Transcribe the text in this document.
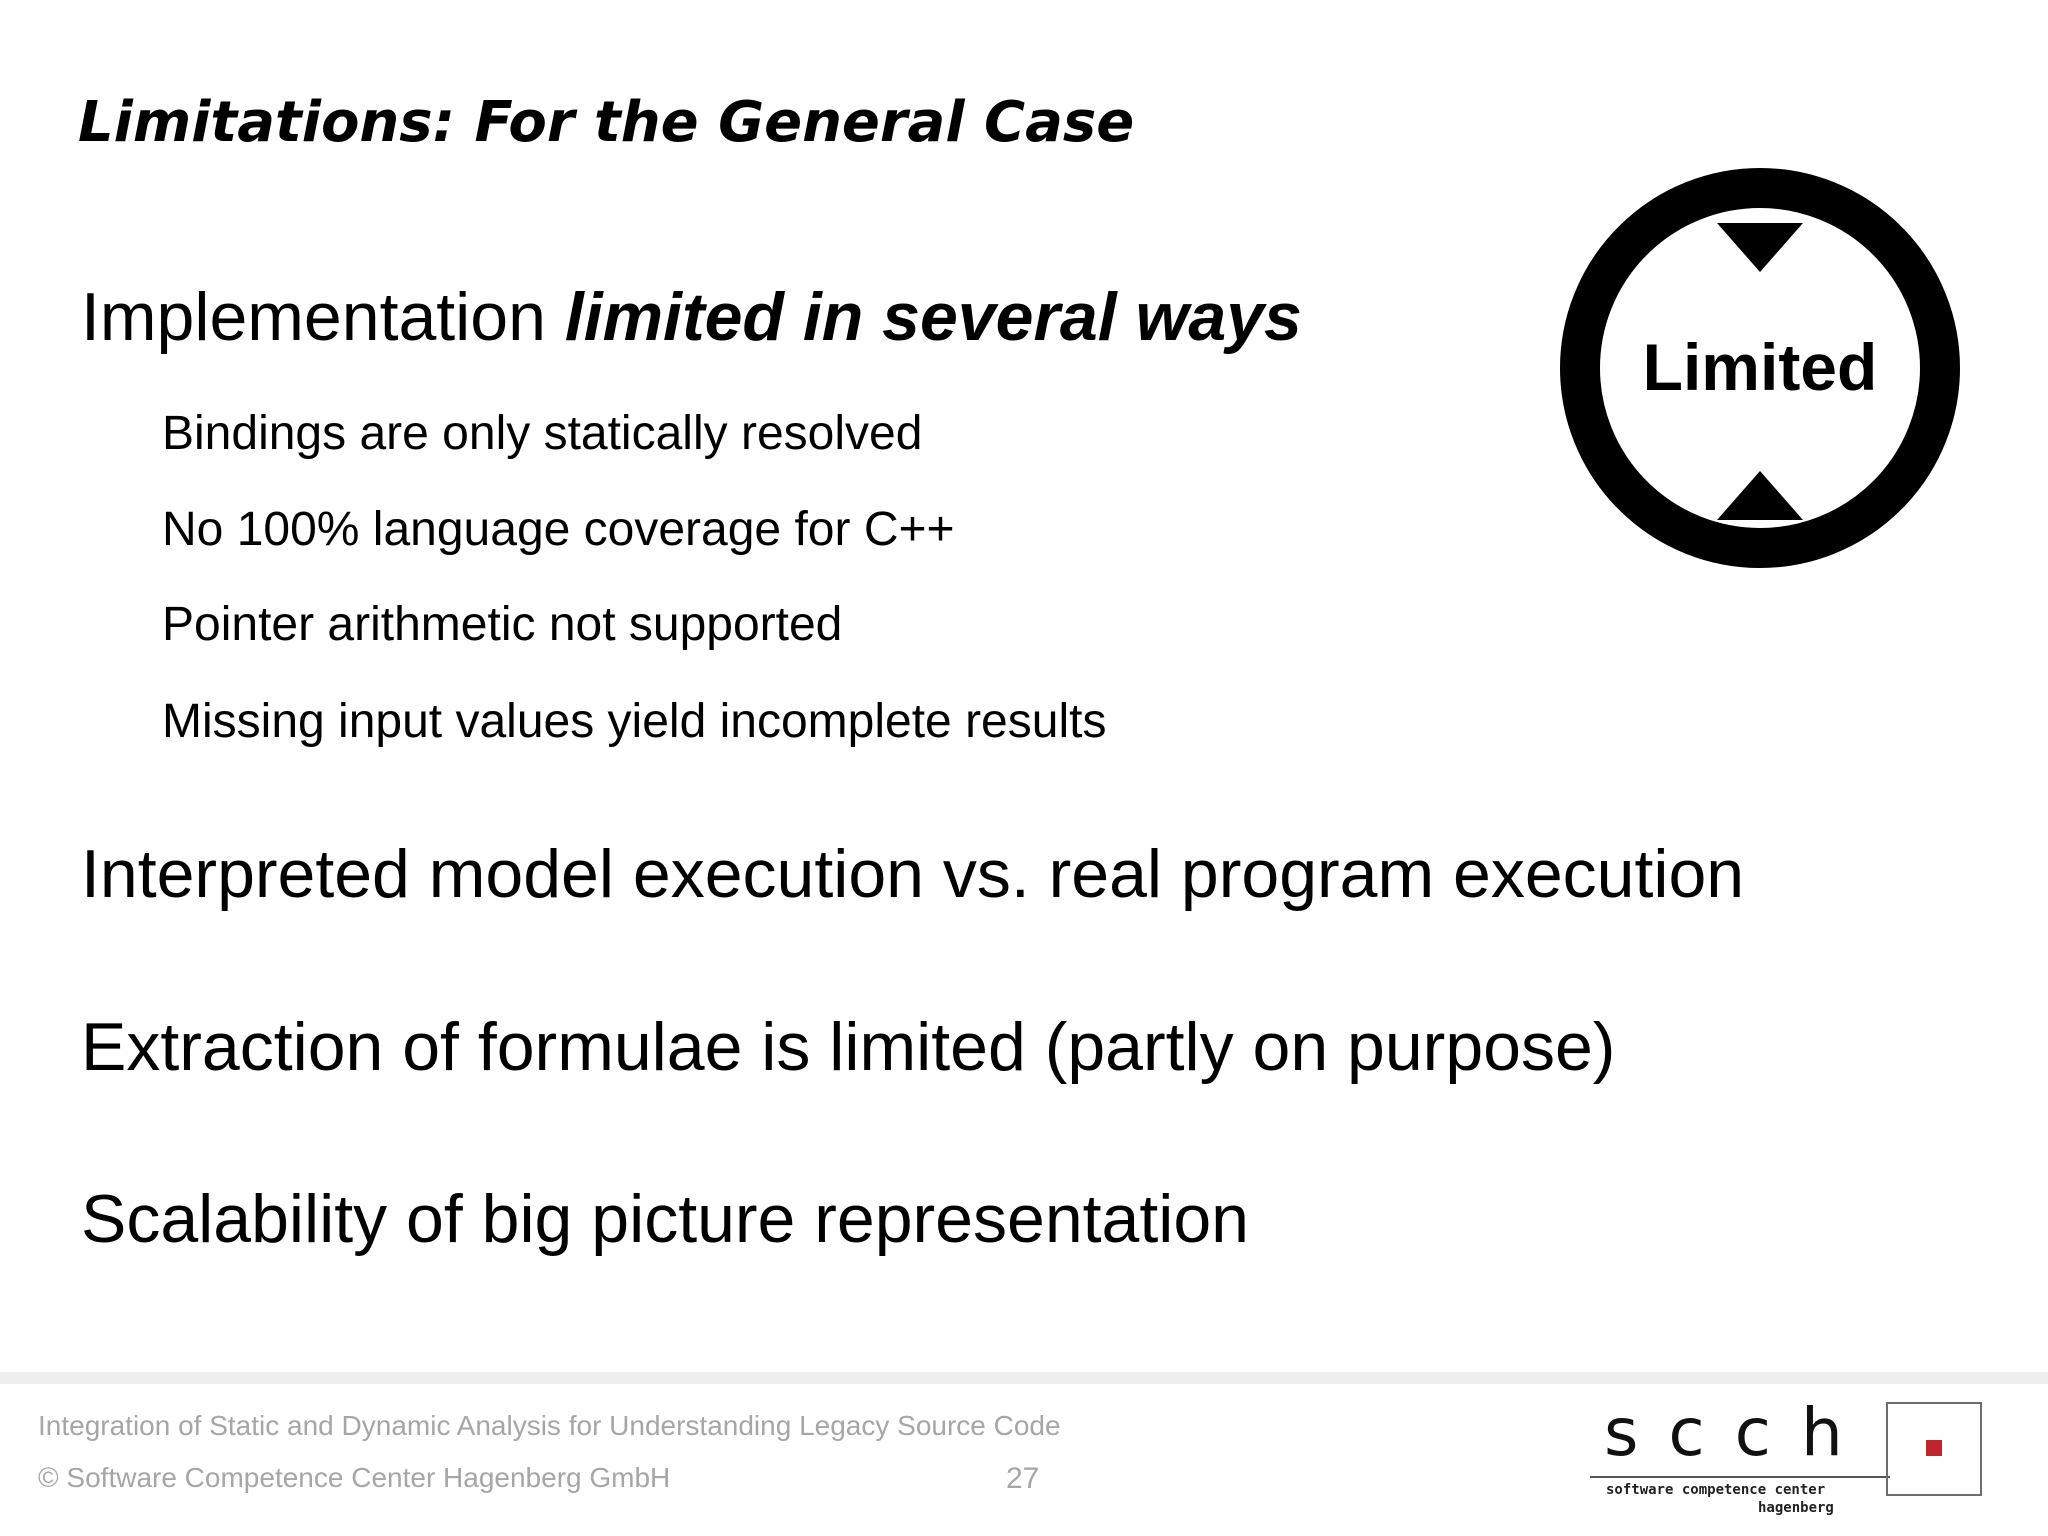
Limitations: For the General Case
Implementation limited in several ways
Bindings are only statically resolved
No 100% language coverage for C++
Pointer arithmetic not supported
Missing input values yield incomplete results
Interpreted model execution vs. real program execution
Extraction of formulae is limited (partly on purpose)
Scalability of big picture representation
Limited
Integration of Static and Dynamic Analysis for Understanding Legacy Source Code
© Software Competence Center Hagenberg GmbH	27
scch
software competence center
hagenberg
